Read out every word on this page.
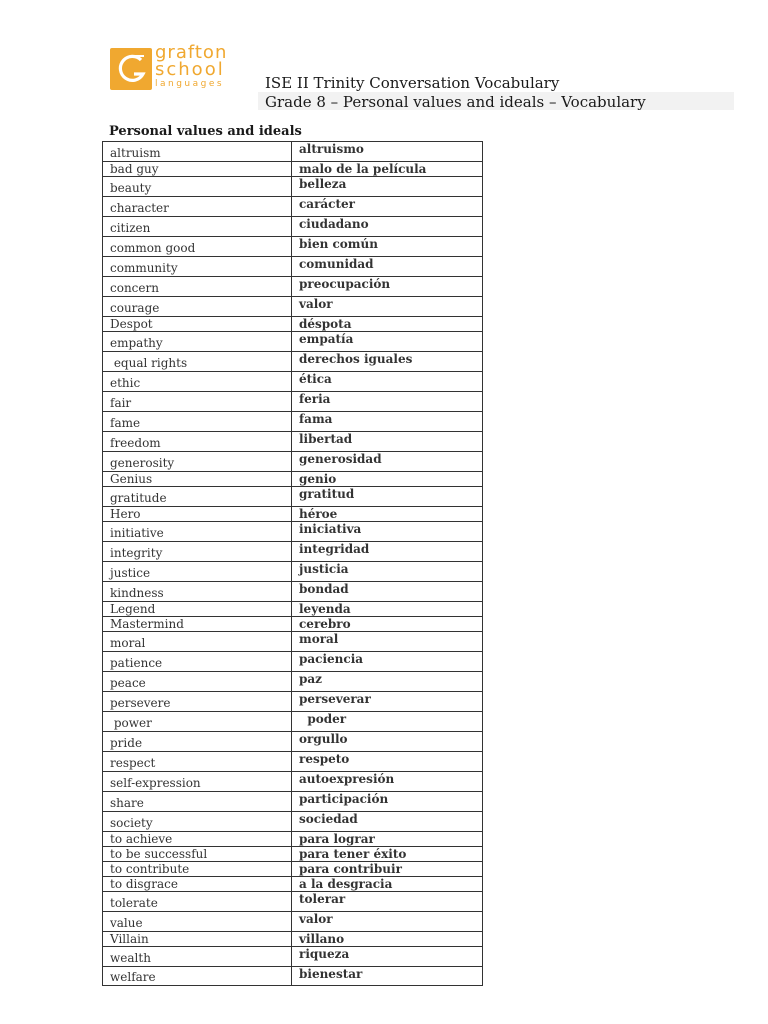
grafton
school
languages	ISE II Trinity Conversation Vocabulary
Grade 8 – Personal values and ideals – Vocabulary
Personal values and ideals
altruism	altruismo
bad guy	malo de la película
beauty	belleza
character	carácter
citizen	ciudadano
common good	bien común
community	comunidad
concern	preocupación
courage	valor
Despot	déspota
empathy	empatía
equal rights	derechos iguales
ethic	ética
fair	feria
fame	fama
freedom	libertad
generosity	generosidad
Genius	genio
gratitude	gratitud
Hero	héroe
initiative	iniciativa
integrity	integridad
justice	justicia
kindness	bondad
Legend	leyenda
Mastermind	cerebro
moral	moral
patience	paciencia
peace	paz
persevere	perseverar
power	poder
pride	orgullo
respect	respeto
self-expression	autoexpresión
share	participación
society	sociedad
to achieve	para lograr
to be successful	para tener éxito
to contribute	para contribuir
to disgrace	a la desgracia
tolerate	tolerar
value	valor
Villain	villano
wealth	riqueza
welfare	bienestar
